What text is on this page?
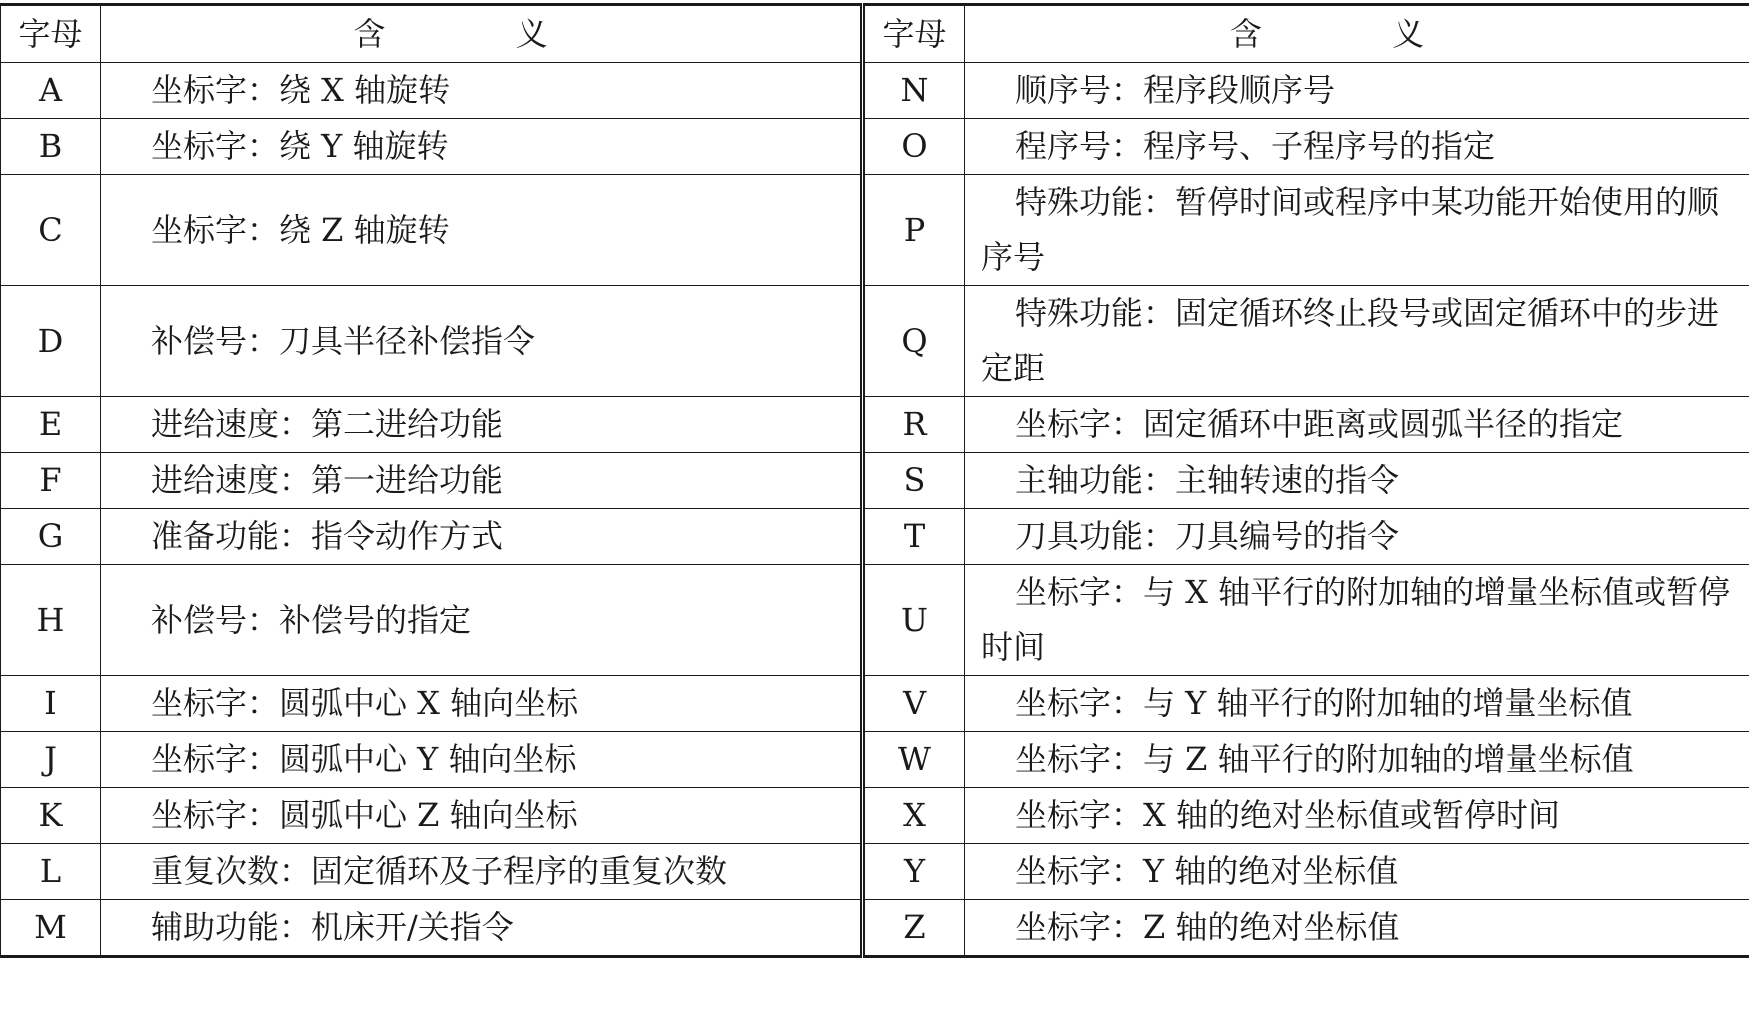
字母	含 义	字母	含 义
A	坐标字：绕 X 轴旋转	N	顺序号：程序段顺序号

B	坐标字：绕 Y 轴旋转	O	程序号：程序号、子程序号的指定

C	坐标字：绕 Z 轴旋转	P	特殊功能：暂停时间或程序中某功能开始使用的顺序号

D	补偿号：刀具半径补偿指令	Q	特殊功能：固定循环终止段号或固定循环中的步进定距

E	进给速度：第二进给功能	R	坐标字：固定循环中距离或圆弧半径的指定

F	进给速度：第一进给功能	S	主轴功能：主轴转速的指令

G	准备功能：指令动作方式	T	刀具功能：刀具编号的指令

H	补偿号：补偿号的指定	U	坐标字：与 X 轴平行的附加轴的增量坐标值或暂停时间

I	坐标字：圆弧中心 X 轴向坐标	V	坐标字：与 Y 轴平行的附加轴的增量坐标值

J	坐标字：圆弧中心 Y 轴向坐标	W	坐标字：与 Z 轴平行的附加轴的增量坐标值

K	坐标字：圆弧中心 Z 轴向坐标	X	坐标字：X 轴的绝对坐标值或暂停时间

L	重复次数：固定循环及子程序的重复次数	Y	坐标字：Y 轴的绝对坐标值

M	辅助功能：机床开/关指令	Z	坐标字：Z 轴的绝对坐标值
